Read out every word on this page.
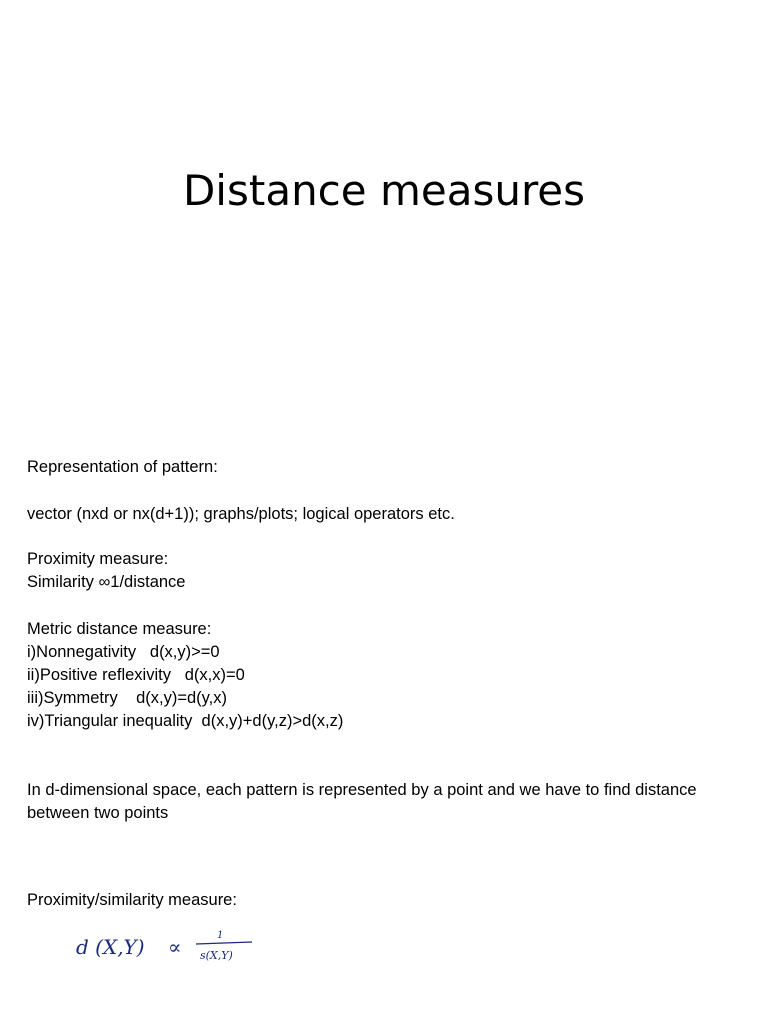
Distance measures

Representation of pattern:

vector (nxd or nx(d+1)); graphs/plots; logical operators etc.

Proximity measure:

Similarity ∞1/distance

Metric distance measure:

i)Nonnegativity   d(x,y)>=0

ii)Positive reflexivity   d(x,x)=0

iii)Symmetry    d(x,y)=d(y,x)

iv)Triangular inequality  d(x,y)+d(y,z)>d(x,z)

In d-dimensional space, each pattern is represented by a point and we have to find distance between two points

Proximity/similarity measure:

d (X,Y) ∝	1
s(X,Y)
